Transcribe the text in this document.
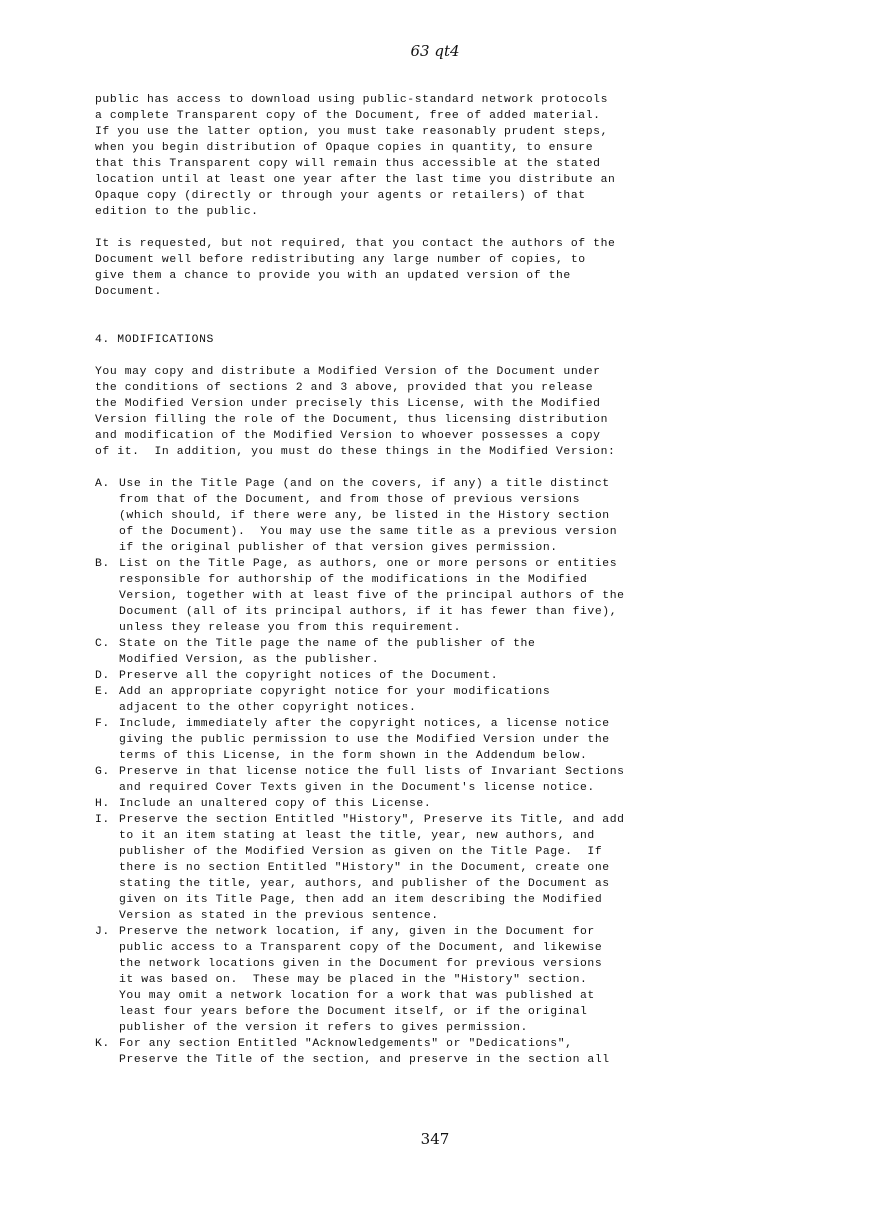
63 qt4

public has access to download using public-standard network protocols
a complete Transparent copy of the Document, free of added material.
If you use the latter option, you must take reasonably prudent steps,
when you begin distribution of Opaque copies in quantity, to ensure
that this Transparent copy will remain thus accessible at the stated
location until at least one year after the last time you distribute an
Opaque copy (directly or through your agents or retailers) of that
edition to the public.

It is requested, but not required, that you contact the authors of the
Document well before redistributing any large number of copies, to
give them a chance to provide you with an updated version of the
Document.

4. MODIFICATIONS

You may copy and distribute a Modified Version of the Document under
the conditions of sections 2 and 3 above, provided that you release
the Modified Version under precisely this License, with the Modified
Version filling the role of the Document, thus licensing distribution
and modification of the Modified Version to whoever possesses a copy
of it.  In addition, you must do these things in the Modified Version:

A. Use in the Title Page (and on the covers, if any) a title distinct
from that of the Document, and from those of previous versions
(which should, if there were any, be listed in the History section
of the Document).  You may use the same title as a previous version
if the original publisher of that version gives permission.
B. List on the Title Page, as authors, one or more persons or entities
responsible for authorship of the modifications in the Modified
Version, together with at least five of the principal authors of the
Document (all of its principal authors, if it has fewer than five),
unless they release you from this requirement.
C. State on the Title page the name of the publisher of the
Modified Version, as the publisher.
D. Preserve all the copyright notices of the Document.
E. Add an appropriate copyright notice for your modifications
adjacent to the other copyright notices.
F. Include, immediately after the copyright notices, a license notice
giving the public permission to use the Modified Version under the
terms of this License, in the form shown in the Addendum below.
G. Preserve in that license notice the full lists of Invariant Sections
and required Cover Texts given in the Document's license notice.
H. Include an unaltered copy of this License.
I. Preserve the section Entitled "History", Preserve its Title, and add
to it an item stating at least the title, year, new authors, and
publisher of the Modified Version as given on the Title Page.  If
there is no section Entitled "History" in the Document, create one
stating the title, year, authors, and publisher of the Document as
given on its Title Page, then add an item describing the Modified
Version as stated in the previous sentence.
J. Preserve the network location, if any, given in the Document for
public access to a Transparent copy of the Document, and likewise
the network locations given in the Document for previous versions
it was based on.  These may be placed in the "History" section.
You may omit a network location for a work that was published at
least four years before the Document itself, or if the original
publisher of the version it refers to gives permission.
K. For any section Entitled "Acknowledgements" or "Dedications",
Preserve the Title of the section, and preserve in the section all

347
